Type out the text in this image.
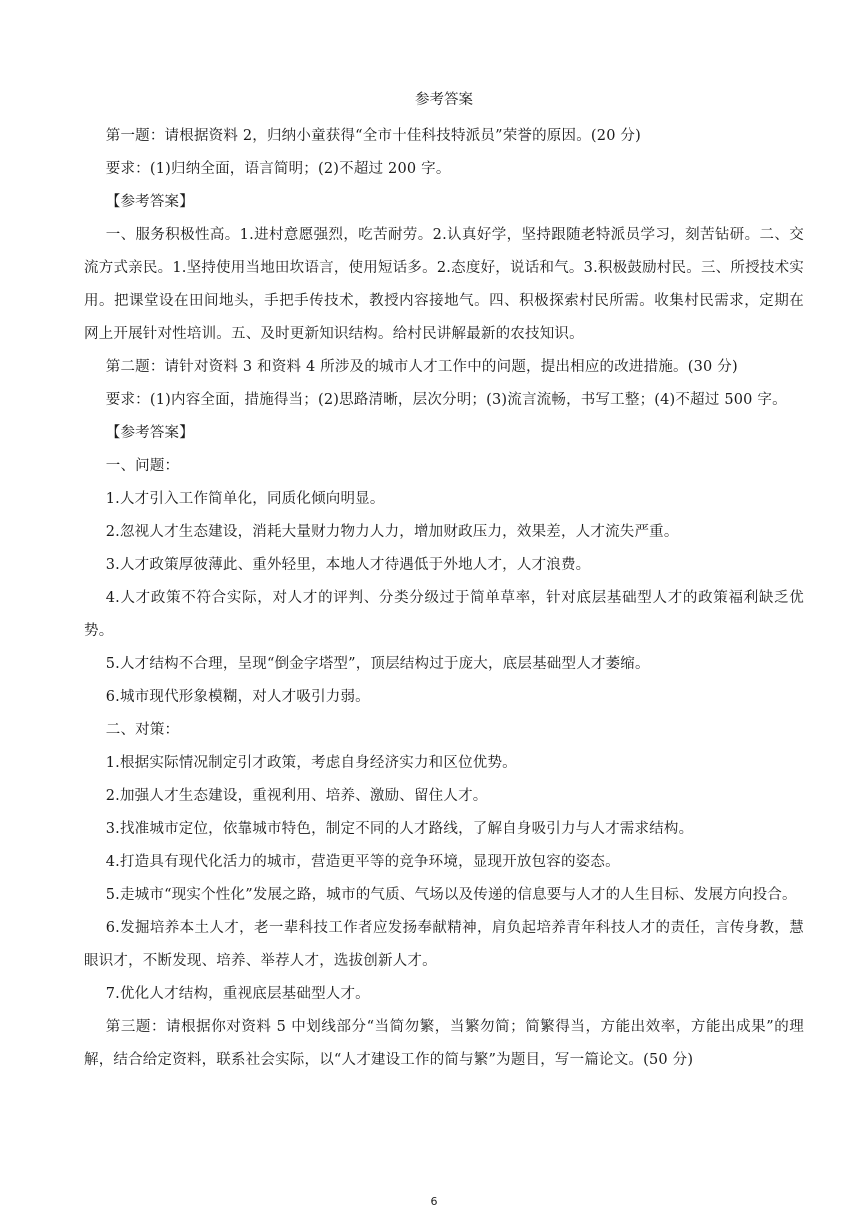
参考答案

第一题：请根据资料 2，归纳小童获得“全市十佳科技特派员”荣誉的原因。(20 分)

要求：(1)归纳全面，语言简明；(2)不超过 200 字。

【参考答案】

一、服务积极性高。1.进村意愿强烈，吃苦耐劳。2.认真好学，坚持跟随老特派员学习，刻苦钻研。二、交流方式亲民。1.坚持使用当地田坎语言，使用短话多。2.态度好，说话和气。3.积极鼓励村民。三、所授技术实用。把课堂设在田间地头，手把手传技术，教授内容接地气。四、积极探索村民所需。收集村民需求，定期在网上开展针对性培训。五、及时更新知识结构。给村民讲解最新的农技知识。

第二题：请针对资料 3 和资料 4 所涉及的城市人才工作中的问题，提出相应的改进措施。(30 分)

要求：(1)内容全面，措施得当；(2)思路清晰，层次分明；(3)流言流畅，书写工整；(4)不超过 500 字。

【参考答案】

一、问题：

1.人才引入工作简单化，同质化倾向明显。

2.忽视人才生态建设，消耗大量财力物力人力，增加财政压力，效果差，人才流失严重。

3.人才政策厚彼薄此、重外轻里，本地人才待遇低于外地人才，人才浪费。

4.人才政策不符合实际，对人才的评判、分类分级过于简单草率，针对底层基础型人才的政策福利缺乏优势。

5.人才结构不合理，呈现“倒金字塔型”，顶层结构过于庞大，底层基础型人才萎缩。

6.城市现代形象模糊，对人才吸引力弱。

二、对策：

1.根据实际情况制定引才政策，考虑自身经济实力和区位优势。

2.加强人才生态建设，重视利用、培养、激励、留住人才。

3.找准城市定位，依靠城市特色，制定不同的人才路线，了解自身吸引力与人才需求结构。

4.打造具有现代化活力的城市，营造更平等的竞争环境，显现开放包容的姿态。

5.走城市“现实个性化”发展之路，城市的气质、气场以及传递的信息要与人才的人生目标、发展方向投合。

6.发掘培养本土人才，老一辈科技工作者应发扬奉献精神，肩负起培养青年科技人才的责任，言传身教，慧眼识才，不断发现、培养、举荐人才，选拔创新人才。

7.优化人才结构，重视底层基础型人才。

第三题：请根据你对资料 5 中划线部分“当简勿繁，当繁勿简；简繁得当，方能出效率，方能出成果”的理解，结合给定资料，联系社会实际，以“人才建设工作的简与繁”为题目，写一篇论文。(50 分)

6
